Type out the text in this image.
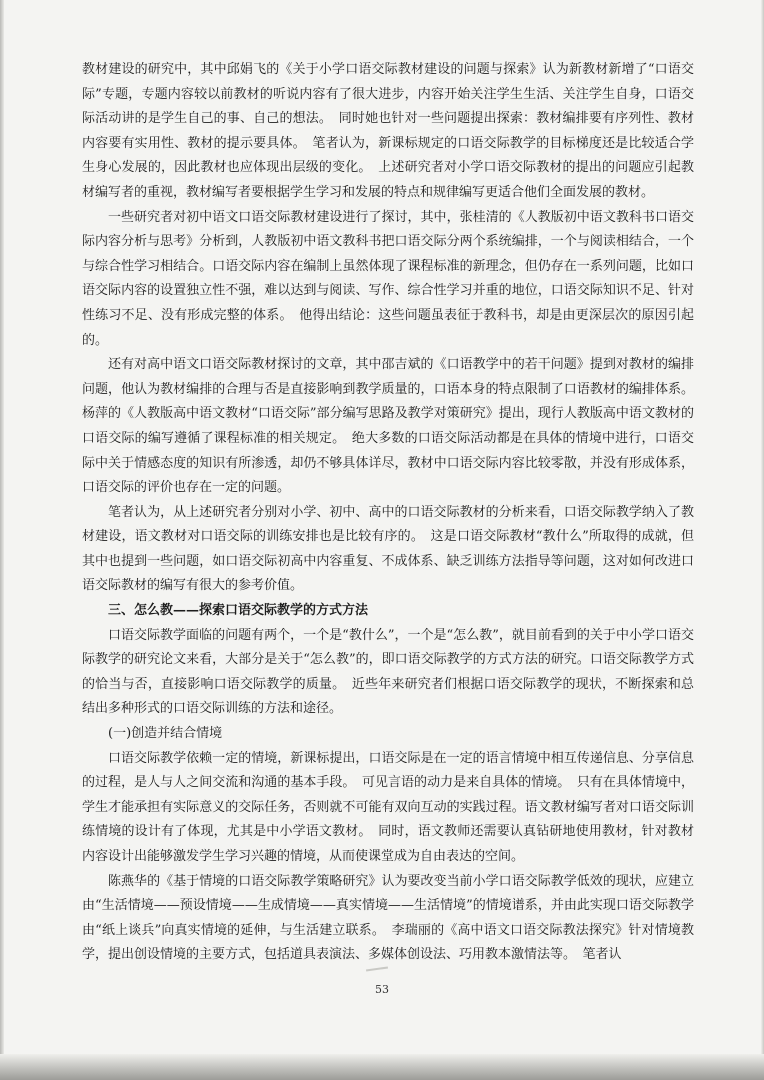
教材建设的研究中，其中邱娟飞的《关于小学口语交际教材建设的问题与探索》认为新教材新增了“口语交际”专题，专题内容较以前教材的听说内容有了很大进步，内容开始关注学生生活、关注学生自身，口语交际活动讲的是学生自己的事、自己的想法。　同时她也针对一些问题提出探索：教材编排要有序列性、教材内容要有实用性、教材的提示要具体。　笔者认为，新课标规定的口语交际教学的目标梯度还是比较适合学生身心发展的，因此教材也应体现出层级的变化。　上述研究者对小学口语交际教材的提出的问题应引起教材编写者的重视，教材编写者要根据学生学习和发展的特点和规律编写更适合他们全面发展的教材。

一些研究者对初中语文口语交际教材建设进行了探讨，其中，张桂清的《人教版初中语文教科书口语交际内容分析与思考》分析到，人教版初中语文教科书把口语交际分两个系统编排，一个与阅读相结合，一个与综合性学习相结合。口语交际内容在编制上虽然体现了课程标准的新理念，但仍存在一系列问题，比如口语交际内容的设置独立性不强，难以达到与阅读、写作、综合性学习并重的地位，口语交际知识不足、针对性练习不足、没有形成完整的体系。　他得出结论：这些问题虽表征于教科书，却是由更深层次的原因引起的。

还有对高中语文口语交际教材探讨的文章，其中邵吉斌的《口语教学中的若干问题》提到对教材的编排问题，他认为教材编排的合理与否是直接影响到教学质量的，口语本身的特点限制了口语教材的编排体系。杨萍的《人教版高中语文教材“口语交际”部分编写思路及教学对策研究》提出，现行人教版高中语文教材的口语交际的编写遵循了课程标准的相关规定。　绝大多数的口语交际活动都是在具体的情境中进行，口语交际中关于情感态度的知识有所渗透，却仍不够具体详尽，教材中口语交际内容比较零散，并没有形成体系，口语交际的评价也存在一定的问题。

笔者认为，从上述研究者分别对小学、初中、高中的口语交际教材的分析来看，口语交际教学纳入了教材建设，语文教材对口语交际的训练安排也是比较有序的。　这是口语交际教材“教什么”所取得的成就，但其中也提到一些问题，如口语交际初高中内容重复、不成体系、缺乏训练方法指导等问题，这对如何改进口语交际教材的编写有很大的参考价值。

三、怎么教——探索口语交际教学的方式方法

口语交际教学面临的问题有两个，一个是“教什么”，一个是“怎么教”，就目前看到的关于中小学口语交际教学的研究论文来看，大部分是关于“怎么教”的，即口语交际教学的方式方法的研究。口语交际教学方式的恰当与否，直接影响口语交际教学的质量。　近些年来研究者们根据口语交际教学的现状，不断探索和总结出多种形式的口语交际训练的方法和途径。

(一)创造并结合情境

口语交际教学依赖一定的情境，新课标提出，口语交际是在一定的语言情境中相互传递信息、分享信息的过程，是人与人之间交流和沟通的基本手段。　可见言语的动力是来自具体的情境。　只有在具体情境中，学生才能承担有实际意义的交际任务，否则就不可能有双向互动的实践过程。语文教材编写者对口语交际训练情境的设计有了体现，尤其是中小学语文教材。　同时，语文教师还需要认真钻研地使用教材，针对教材内容设计出能够激发学生学习兴趣的情境，从而使课堂成为自由表达的空间。

陈燕华的《基于情境的口语交际教学策略研究》认为要改变当前小学口语交际教学低效的现状，应建立由“生活情境——预设情境——生成情境——真实情境——生活情境”的情境谱系，并由此实现口语交际教学由“纸上谈兵”向真实情境的延伸，与生活建立联系。　李瑞丽的《高中语文口语交际教法探究》针对情境教学，提出创设情境的主要方式，包括道具表演法、多媒体创设法、巧用教本激情法等。　笔者认

53
